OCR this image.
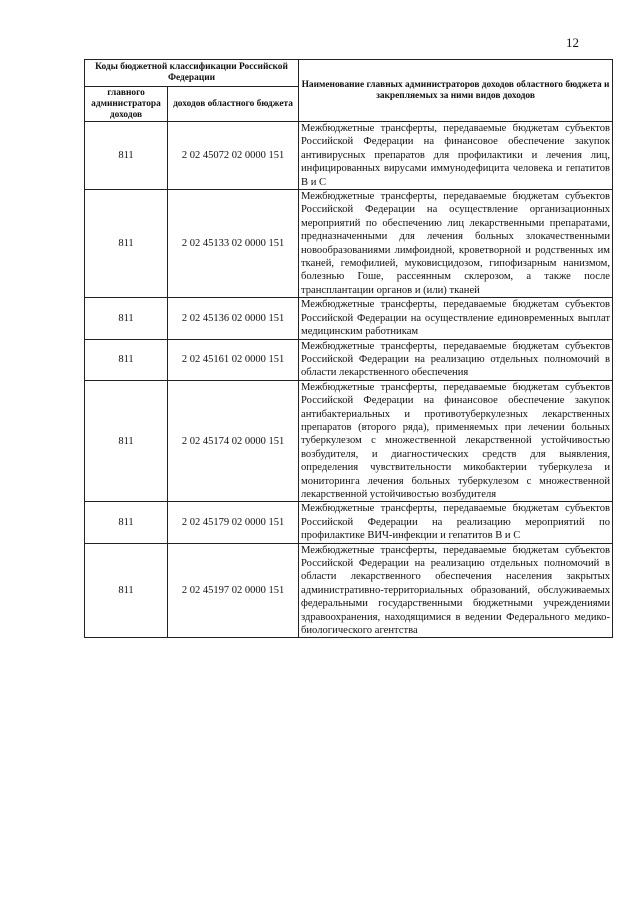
12
Коды бюджетной классификации Российской Федерации		Наименование главных администраторов доходов областного бюджета и закрепляемых за ними видов доходов
главного администратора доходов	доходов областного бюджета	
811	2 02 45072 02 0000 151	Межбюджетные трансферты, передаваемые бюджетам субъектов Российской Федерации на финансовое обеспечение закупок антивирусных препаратов для профилактики и лечения лиц, инфицированных вирусами иммунодефицита человека и гепатитов В и С
811	2 02 45133 02 0000 151	Межбюджетные трансферты, передаваемые бюджетам субъектов Российской Федерации на осуществление организационных мероприятий по обеспечению лиц лекарственными препаратами, предназначенными для лечения больных злокачественными новообразованиями лимфоидной, кроветворной и родственных им тканей, гемофилией, муковисцидозом, гипофизарным нанизмом, болезнью Гоше, рассеянным склерозом, а также после трансплантации органов и (или) тканей
811	2 02 45136 02 0000 151	Межбюджетные трансферты, передаваемые бюджетам субъектов Российской Федерации на осуществление единовременных выплат медицинским работникам
811	2 02 45161 02 0000 151	Межбюджетные трансферты, передаваемые бюджетам субъектов Российской Федерации на реализацию отдельных полномочий в области лекарственного обеспечения
811	2 02 45174 02 0000 151	Межбюджетные трансферты, передаваемые бюджетам субъектов Российской Федерации на финансовое обеспечение закупок антибактериальных и противотуберкулезных лекарственных препаратов (второго ряда), применяемых при лечении больных туберкулезом с множественной лекарственной устойчивостью возбудителя, и диагностических средств для выявления, определения чувствительности микобактерии туберкулеза и мониторинга лечения больных туберкулезом с множественной лекарственной устойчивостью возбудителя
811	2 02 45179 02 0000 151	Межбюджетные трансферты, передаваемые бюджетам субъектов Российской Федерации на реализацию мероприятий по профилактике ВИЧ-инфекции и гепатитов В и С
811	2 02 45197 02 0000 151	Межбюджетные трансферты, передаваемые бюджетам субъектов Российской Федерации на реализацию отдельных полномочий в области лекарственного обеспечения населения закрытых административно-территориальных образований, обслуживаемых федеральными государственными бюджетными учреждениями здравоохранения, находящимися в ведении Федерального медико-биологического агентства
